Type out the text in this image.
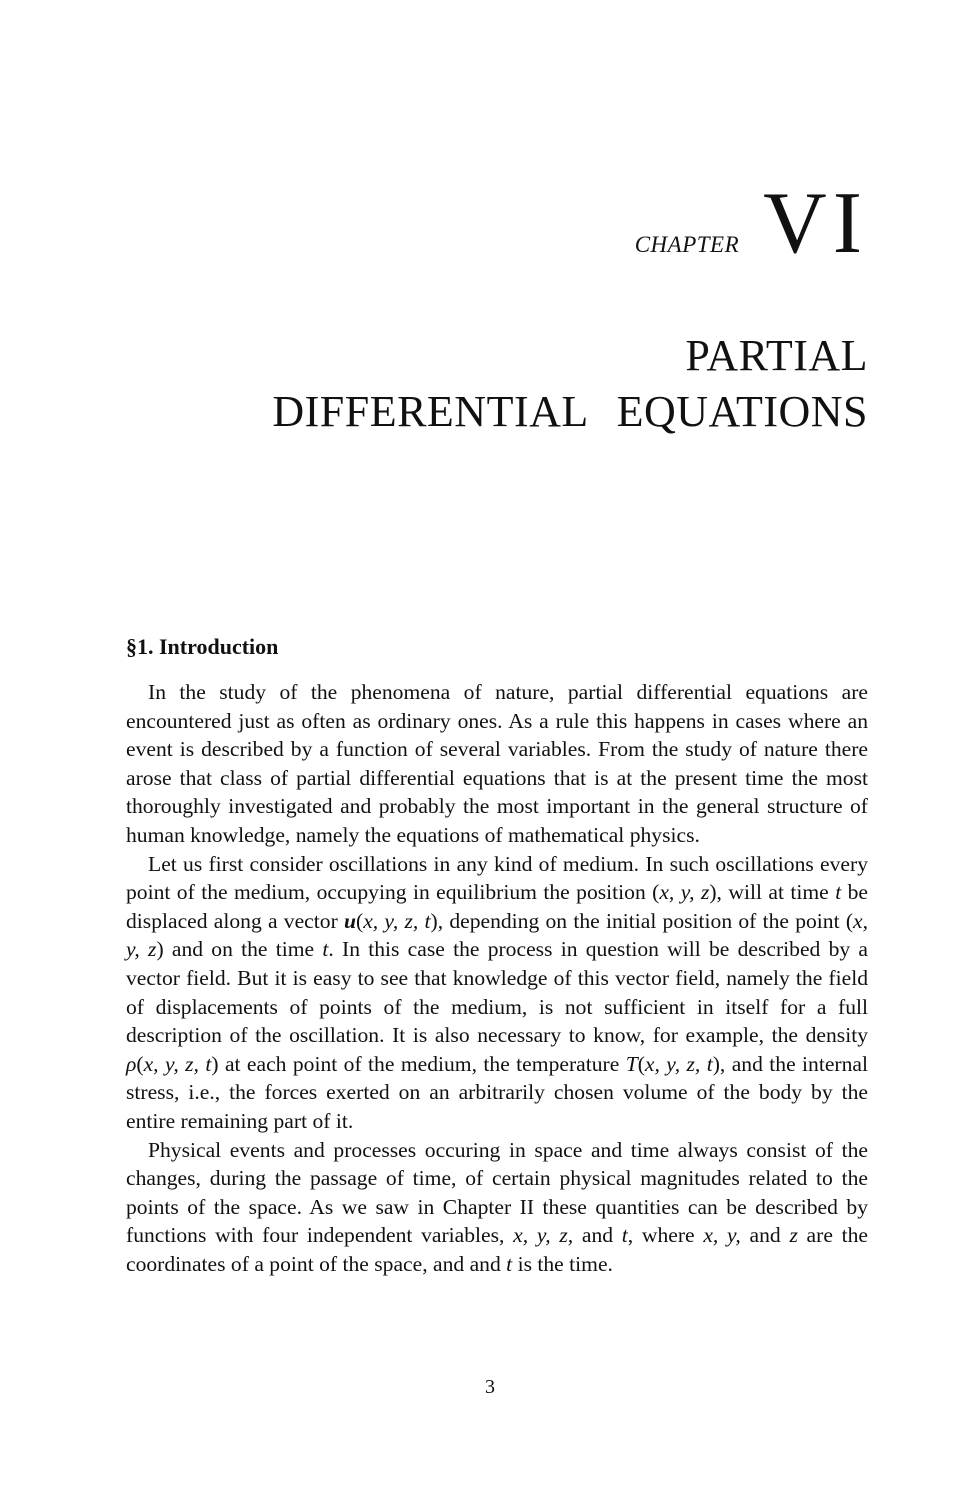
CHAPTER VI
PARTIAL
DIFFERENTIAL EQUATIONS
§1. Introduction

In the study of the phenomena of nature, partial differential equations are encountered just as often as ordinary ones. As a rule this happens in cases where an event is described by a function of several variables. From the study of nature there arose that class of partial differential equations that is at the present time the most thoroughly investigated and probably the most important in the general structure of human knowledge, namely the equations of mathematical physics.

Let us first consider oscillations in any kind of medium. In such oscillations every point of the medium, occupying in equilibrium the position (x, y, z), will at time t be displaced along a vector u(x, y, z, t), depending on the initial position of the point (x, y, z) and on the time t. In this case the process in question will be described by a vector field. But it is easy to see that knowledge of this vector field, namely the field of displacements of points of the medium, is not sufficient in itself for a full description of the oscillation. It is also necessary to know, for example, the density ρ(x, y, z, t) at each point of the medium, the temperature T(x, y, z, t), and the internal stress, i.e., the forces exerted on an arbitrarily chosen volume of the body by the entire remaining part of it.

Physical events and processes occuring in space and time always consist of the changes, during the passage of time, of certain physical magnitudes related to the points of the space. As we saw in Chapter II these quantities can be described by functions with four independent variables, x, y, z, and t, where x, y, and z are the coordinates of a point of the space, and and t is the time.

3
